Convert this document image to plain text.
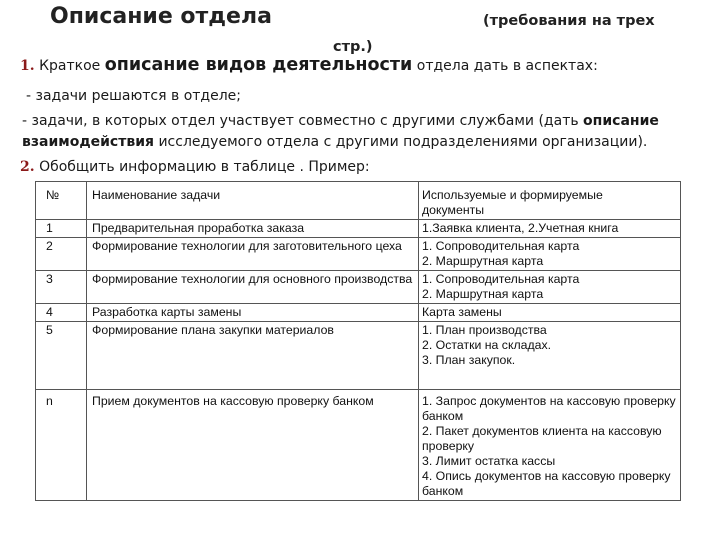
Описание отдела	(требования на трех
стр.)
1. Краткое описание видов деятельности отдела дать в аспектах:
- задачи решаются в отделе;
- задачи, в которых отдел участвует совместно с другими службами (дать описание
взаимодействия исследуемого отдела с другими подразделениями организации).
2. Обобщить информацию в таблице . Пример:
№	Наименование задачи	Используемые и формируемые документы
1	Предварительная проработка заказа	1.Заявка клиента, 2.Учетная книга

2	Формирование технологии для заготовительного цеха	1. Сопроводительная карта
2. Маршрутная карта

3	Формирование технологии для основного производства	1. Сопроводительная карта
2. Маршрутная карта

4	Разработка карты замены	Карта замены

5	Формирование плана закупки материалов	1. План производства
2. Остатки на складах.
3. План закупок.

n	Прием документов на кассовую проверку банком	1. Запрос документов на кассовую проверку банком
2. Пакет документов клиента на кассовую проверку
3. Лимит остатка кассы
4. Опись документов на кассовую проверку банком
